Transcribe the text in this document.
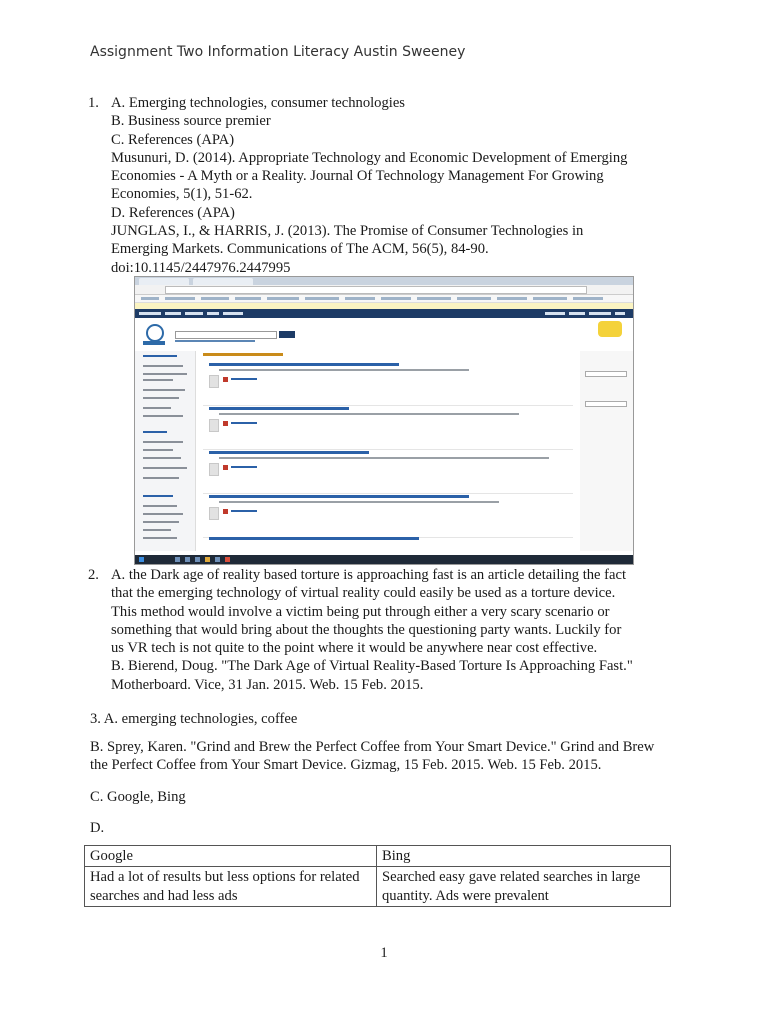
Assignment Two Information Literacy Austin Sweeney
1. A. Emerging technologies, consumer technologies
B. Business source premier
C. References (APA)
Musunuri, D. (2014). Appropriate Technology and Economic Development of Emerging
Economies - A Myth or a Reality. Journal Of Technology Management For Growing
Economies, 5(1), 51-62.
D. References (APA)
JUNGLAS, I., & HARRIS, J. (2013). The Promise of Consumer Technologies in
Emerging Markets. Communications of The ACM, 56(5), 84-90.
doi:10.1145/2447976.2447995
2. A. the Dark age of reality based torture is approaching fast is an article detailing the fact
that the emerging technology of virtual reality could easily be used as a torture device.
This method would involve a victim being put through either a very scary scenario or
something that would bring about the thoughts the questioning party wants. Luckily for
us VR tech is not quite to the point where it would be anywhere near cost effective.
B. Bierend, Doug. "The Dark Age of Virtual Reality-Based Torture Is Approaching Fast."
Motherboard. Vice, 31 Jan. 2015. Web. 15 Feb. 2015.
3. A. emerging technologies, coffee
B. Sprey, Karen. "Grind and Brew the Perfect Coffee from Your Smart Device." Grind and Brew
the Perfect Coffee from Your Smart Device. Gizmag, 15 Feb. 2015. Web. 15 Feb. 2015.
C. Google, Bing
D.
Google	Bing
Had a lot of results but less options for related searches and had less ads	Searched easy gave related searches in large quantity. Ads were prevalent
1
